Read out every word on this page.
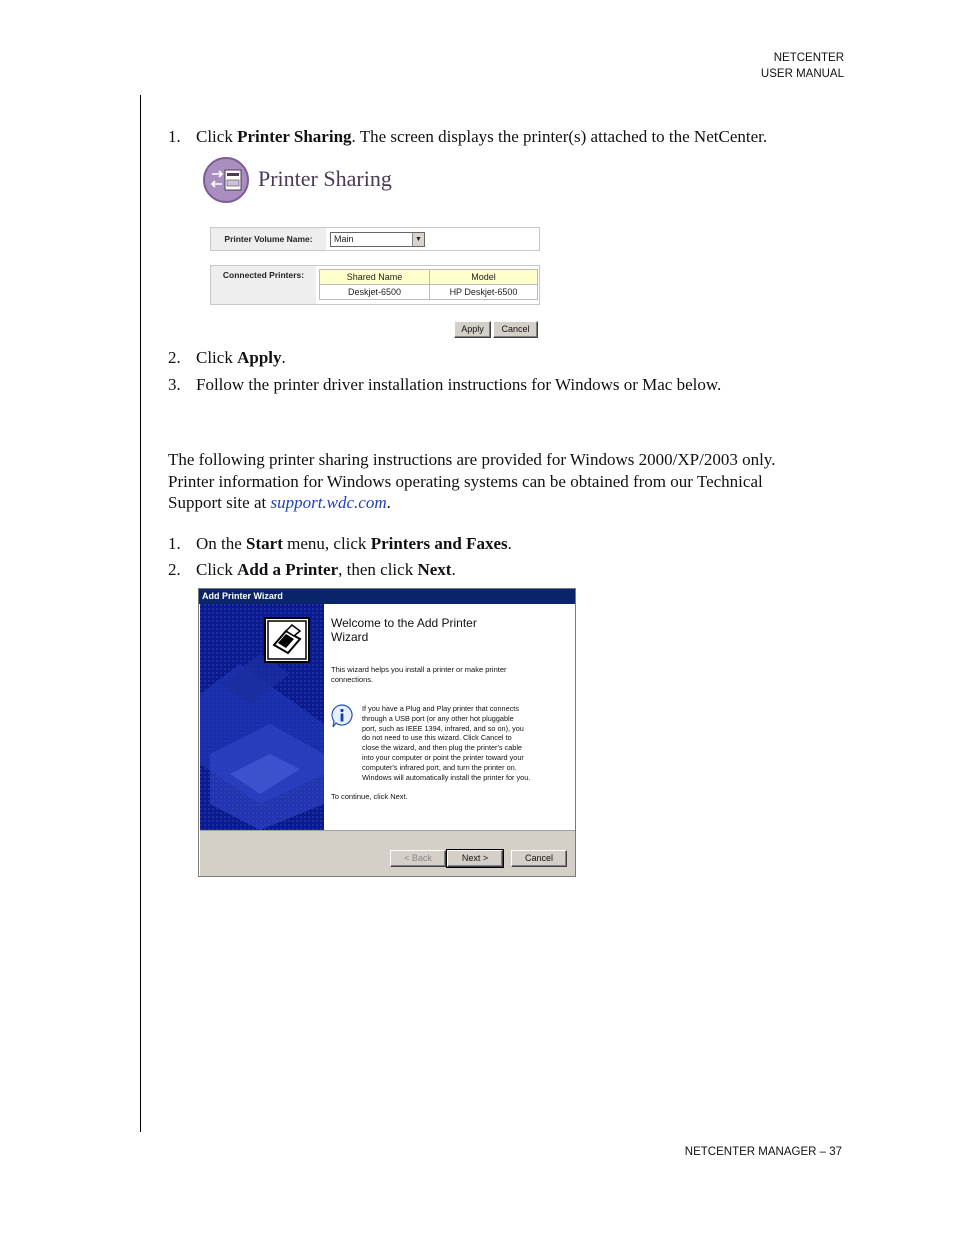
NETCENTER
USER MANUAL
1. Click Printer Sharing. The screen displays the printer(s) attached to the NetCenter.
Printer Sharing
Printer Volume Name:	Main	▼
Connected Printers:	Shared Name	Model
Deskjet-6500	HP Deskjet-6500
Apply	Cancel
2. Click Apply.
3. Follow the printer driver installation instructions for Windows or Mac below.
The following printer sharing instructions are provided for Windows 2000/XP/2003 only.
Printer information for Windows operating systems can be obtained from our Technical
Support site at support.wdc.com.
1. On the Start menu, click Printers and Faxes.
2. Click Add a Printer, then click Next.
Add Printer Wizard
Welcome to the Add Printer
Wizard
This wizard helps you install a printer or make printer
connections.
If you have a Plug and Play printer that connects
through a USB port (or any other hot pluggable
port, such as IEEE 1394, infrared, and so on), you
do not need to use this wizard. Click Cancel to
close the wizard, and then plug the printer's cable
into your computer or point the printer toward your
computer's infrared port, and turn the printer on.
Windows will automatically install the printer for you.
To continue, click Next.
< Back	Next >	Cancel
NETCENTER MANAGER – 37
